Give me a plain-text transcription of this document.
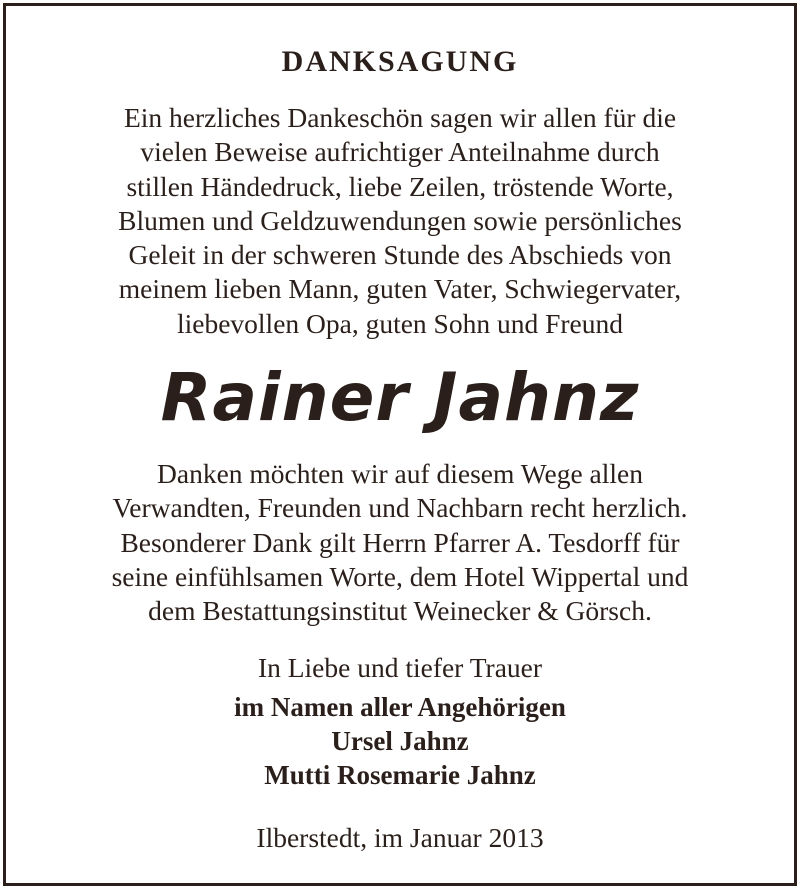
DANKSAGUNG
Ein herzliches Dankeschön sagen wir allen für die
vielen Beweise aufrichtiger Anteilnahme durch
stillen Händedruck, liebe Zeilen, tröstende Worte,
Blumen und Geldzuwendungen sowie persönliches
Geleit in der schweren Stunde des Abschieds von
meinem lieben Mann, guten Vater, Schwiegervater,
liebevollen Opa, guten Sohn und Freund
Rainer Jahnz
Danken möchten wir auf diesem Wege allen
Verwandten, Freunden und Nachbarn recht herzlich.
Besonderer Dank gilt Herrn Pfarrer A. Tesdorff für
seine einfühlsamen Worte, dem Hotel Wippertal und
dem Bestattungsinstitut Weinecker & Görsch.
In Liebe und tiefer Trauer
im Namen aller Angehörigen
Ursel Jahnz
Mutti Rosemarie Jahnz
Ilberstedt, im Januar 2013
